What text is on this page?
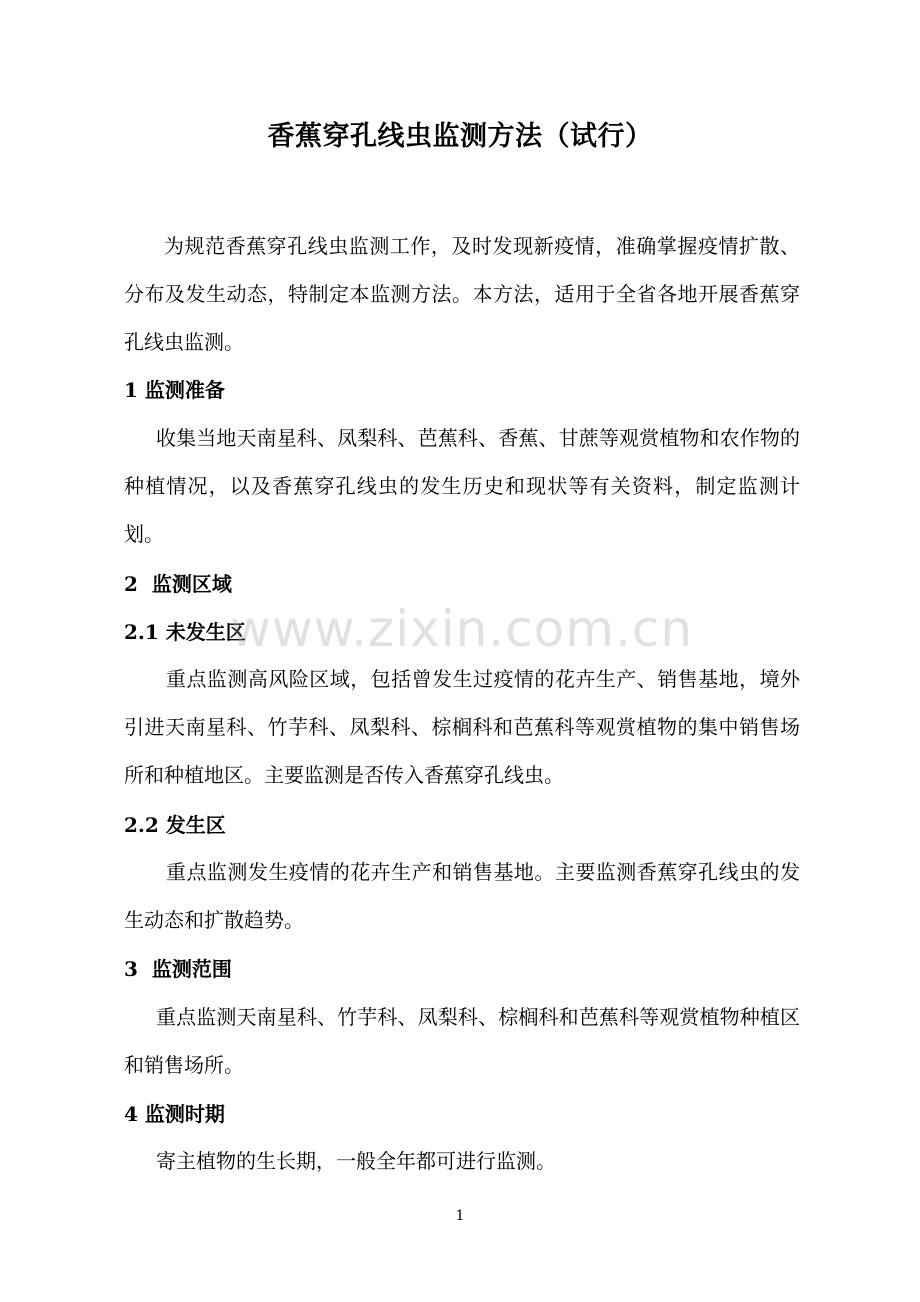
香蕉穿孔线虫监测方法（试行）
为规范香蕉穿孔线虫监测工作，及时发现新疫情，准确掌握疫情扩散、分布及发生动态，特制定本监测方法。本方法，适用于全省各地开展香蕉穿孔线虫监测。
1 监测准备
收集当地天南星科、凤梨科、芭蕉科、香蕉、甘蔗等观赏植物和农作物的种植情况，以及香蕉穿孔线虫的发生历史和现状等有关资料，制定监测计划。
2  监测区域
2.1 未发生区
重点监测高风险区域，包括曾发生过疫情的花卉生产、销售基地，境外引进天南星科、竹芋科、凤梨科、棕榈科和芭蕉科等观赏植物的集中销售场所和种植地区。主要监测是否传入香蕉穿孔线虫。
2.2 发生区
重点监测发生疫情的花卉生产和销售基地。主要监测香蕉穿孔线虫的发生动态和扩散趋势。
3  监测范围
重点监测天南星科、竹芋科、凤梨科、棕榈科和芭蕉科等观赏植物种植区和销售场所。
4 监测时期
寄主植物的生长期，一般全年都可进行监测。
www.zixin.com.cn
1
